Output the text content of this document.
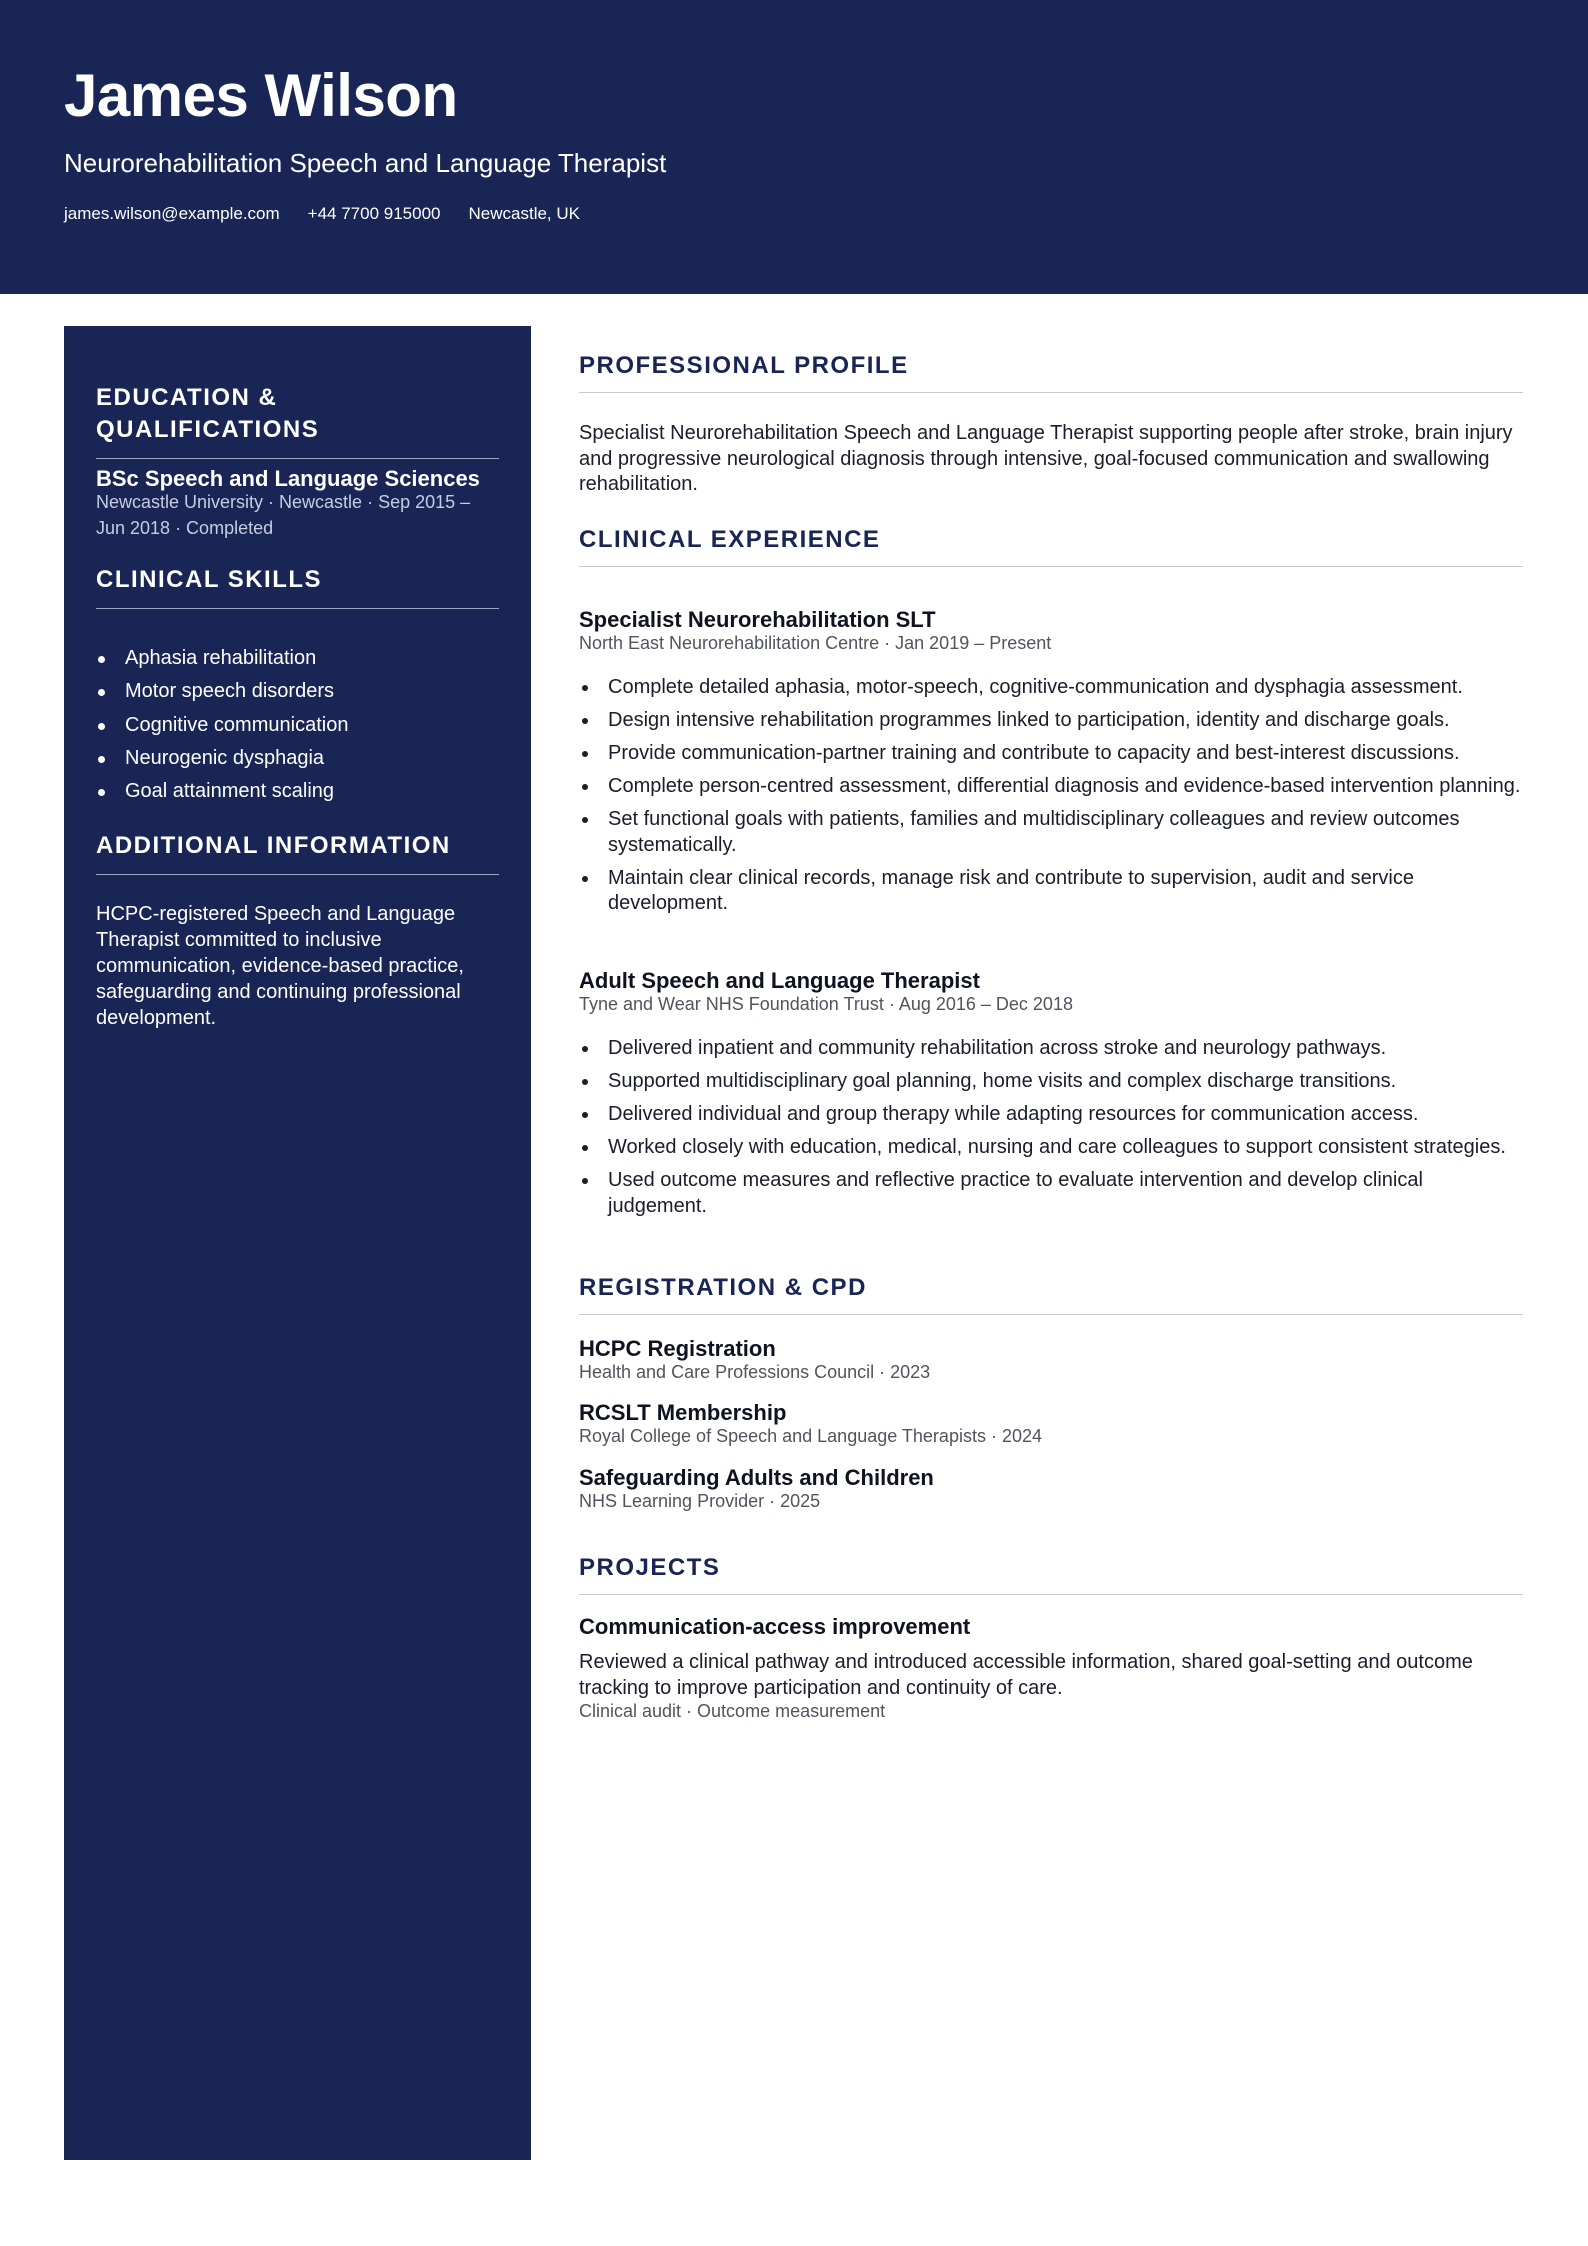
James Wilson
Neurorehabilitation Speech and Language Therapist
james.wilson@example.com +44 7700 915000 Newcastle, UK
EDUCATION & QUALIFICATIONS
BSc Speech and Language Sciences
Newcastle University · Newcastle · Sep 2015 – Jun 2018 · Completed
CLINICAL SKILLS
Aphasia rehabilitation
Motor speech disorders
Cognitive communication
Neurogenic dysphagia
Goal attainment scaling
ADDITIONAL INFORMATION
HCPC-registered Speech and Language Therapist committed to inclusive communication, evidence-based practice, safeguarding and continuing professional development.
PROFESSIONAL PROFILE
Specialist Neurorehabilitation Speech and Language Therapist supporting people after stroke, brain injury and progressive neurological diagnosis through intensive, goal-focused communication and swallowing rehabilitation.
CLINICAL EXPERIENCE
Specialist Neurorehabilitation SLT
North East Neurorehabilitation Centre · Jan 2019 – Present
Complete detailed aphasia, motor-speech, cognitive-communication and dysphagia assessment.
Design intensive rehabilitation programmes linked to participation, identity and discharge goals.
Provide communication-partner training and contribute to capacity and best-interest discussions.
Complete person-centred assessment, differential diagnosis and evidence-based intervention planning.
Set functional goals with patients, families and multidisciplinary colleagues and review outcomes systematically.
Maintain clear clinical records, manage risk and contribute to supervision, audit and service development.
Adult Speech and Language Therapist
Tyne and Wear NHS Foundation Trust · Aug 2016 – Dec 2018
Delivered inpatient and community rehabilitation across stroke and neurology pathways.
Supported multidisciplinary goal planning, home visits and complex discharge transitions.
Delivered individual and group therapy while adapting resources for communication access.
Worked closely with education, medical, nursing and care colleagues to support consistent strategies.
Used outcome measures and reflective practice to evaluate intervention and develop clinical judgement.
REGISTRATION & CPD
HCPC Registration
Health and Care Professions Council · 2023
RCSLT Membership
Royal College of Speech and Language Therapists · 2024
Safeguarding Adults and Children
NHS Learning Provider · 2025
PROJECTS
Communication-access improvement
Reviewed a clinical pathway and introduced accessible information, shared goal-setting and outcome tracking to improve participation and continuity of care.
Clinical audit · Outcome measurement
